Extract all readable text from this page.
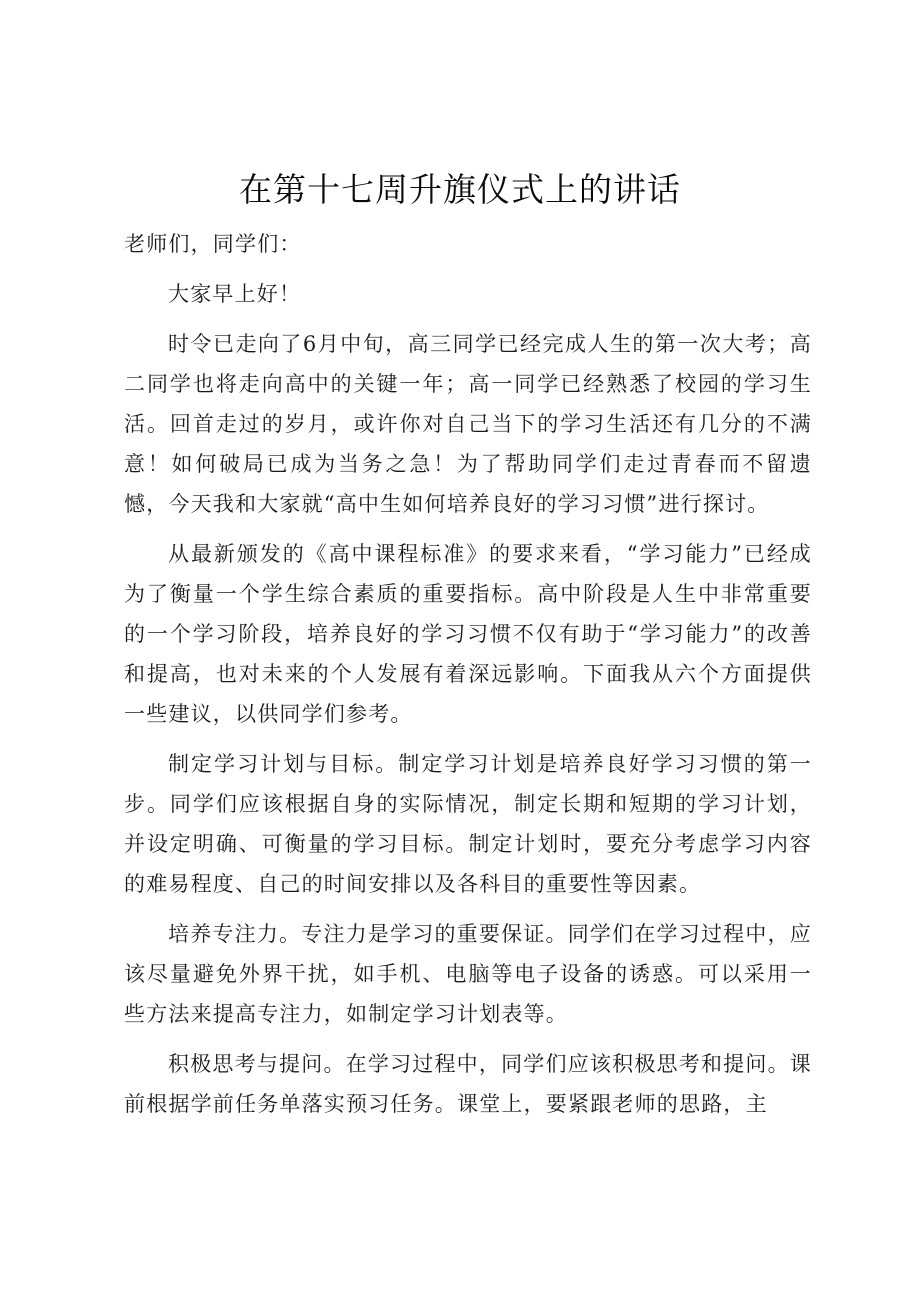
在第十七周升旗仪式上的讲话

老师们，同学们：

大家早上好！

时令已走向了6月中旬，高三同学已经完成人生的第一次大考；高二同学也将走向高中的关键一年；高一同学已经熟悉了校园的学习生活。回首走过的岁月，或许你对自己当下的学习生活还有几分的不满意！如何破局已成为当务之急！为了帮助同学们走过青春而不留遗憾，今天我和大家就“高中生如何培养良好的学习习惯”进行探讨。

从最新颁发的《高中课程标准》的要求来看，“学习能力”已经成为了衡量一个学生综合素质的重要指标。高中阶段是人生中非常重要的一个学习阶段，培养良好的学习习惯不仅有助于“学习能力”的改善和提高，也对未来的个人发展有着深远影响。下面我从六个方面提供一些建议，以供同学们参考。

制定学习计划与目标。制定学习计划是培养良好学习习惯的第一步。同学们应该根据自身的实际情况，制定长期和短期的学习计划，并设定明确、可衡量的学习目标。制定计划时，要充分考虑学习内容的难易程度、自己的时间安排以及各科目的重要性等因素。

培养专注力。专注力是学习的重要保证。同学们在学习过程中，应该尽量避免外界干扰，如手机、电脑等电子设备的诱惑。可以采用一些方法来提高专注力，如制定学习计划表等。

积极思考与提问。在学习过程中，同学们应该积极思考和提问。课前根据学前任务单落实预习任务。课堂上，要紧跟老师的思路，主
